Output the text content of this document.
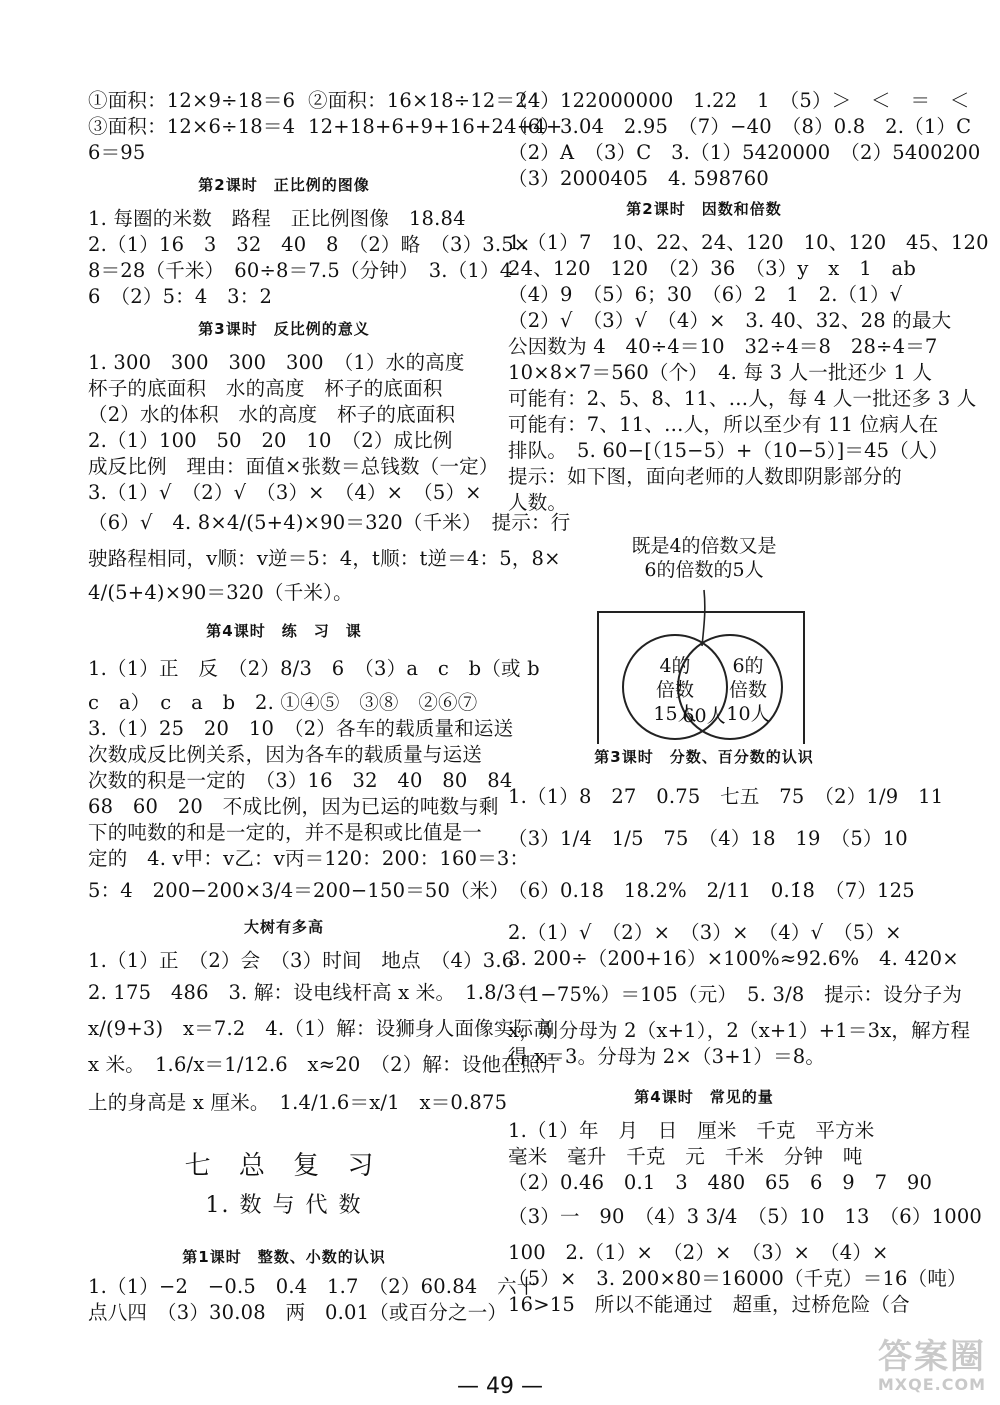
①面积：12×9÷18＝6  ②面积：16×18÷12＝24
③面积：12×6÷18＝4  12+18+6+9+16+24+4+
6＝95
第2课时　正比例的图像
1. 每圈的米数　路程　正比例图像　18.84
2.（1）16　3　32　40　8　（2）略　（3）3.5×
8＝28（千米）　60÷8＝7.5（分钟）　3.（1）4
6　（2）5：4　3：2
第3课时　反比例的意义
1. 300　300　300　300　（1）水的高度
杯子的底面积　水的高度　杯子的底面积
（2）水的体积　水的高度　杯子的底面积
2.（1）100　50　20　10　（2）成比例
成反比例　理由：面值×张数＝总钱数（一定）
3.（1）√　（2）√　（3）×　（4）×　（5）×
（6）√　4. 8×4/(5+4)×90＝320（千米）　提示：行
驶路程相同，v顺：v逆＝5：4，t顺：t逆＝4：5，8×
4/(5+4)×90＝320（千米）。
第4课时　练　习　课
1.（1）正　反　（2）8/3　6　（3）a　c　b（或 b
c　a）　c　a　b　2. ①④⑤　③⑧　②⑥⑦
3.（1）25　20　10　（2）各车的载质量和运送
次数成反比例关系，因为各车的载质量与运送
次数的积是一定的　（3）16　32　40　80　84
68　60　20　不成比例，因为已运的吨数与剩
下的吨数的和是一定的，并不是积或比值是一
定的　4. v甲：v乙：v丙＝120：200：160＝3：
5：4　200−200×3/4＝200−150＝50（米）
大树有多高
1.（1）正　（2）会　（3）时间　地点　（4）3.6
2. 175　486　3. 解：设电线杆高 x 米。　1.8/3＝
x/(9+3)　x＝7.2　4.（1）解：设狮身人面像实际高
x 米。　1.6/x＝1/12.6　x≈20　（2）解：设他在照片
上的身高是 x 厘米。　1.4/1.6＝x/1　x＝0.875
七 总 复 习
1. 数 与 代 数
第1课时　整数、小数的认识
1.（1）−2　−0.5　0.4　1.7　（2）60.84　六十
点八四　（3）30.08　两　0.01（或百分之一）
（4）122000000　1.22　1　（5）＞　＜　＝　＜
（6）3.04　2.95　（7）−40　（8）0.8　2.（1）C
（2）A　（3）C　3.（1）5420000　（2）5400200
（3）2000405　4. 598760
第2课时　因数和倍数
1.（1）7　10、22、24、120　10、120　45、120
24、120　120　（2）36　（3）y　x　1　ab
（4）9　（5）6；30　（6）2　1　2.（1）√
（2）√　（3）√　（4）×　3. 40、32、28 的最大
公因数为 4　40÷4＝10　32÷4＝8　28÷4＝7
10×8×7＝560（个）　4. 每 3 人一批还少 1 人
可能有：2、5、8、11、…人，每 4 人一批还多 3 人
可能有：7、11、…人，所以至少有 11 位病人在
排队。　5. 60−[（15−5）+（10−5）]＝45（人）
提示：如下图，面向老师的人数即阴影部分的
人数。
既是4的倍数又是
6的倍数的5人
4的
倍数
15人
6的
倍数
10人
60人
第3课时　分数、百分数的认识
1.（1）8　27　0.75　七五　75　（2）1/9　11
（3）1/4　1/5　75　（4）18　19　（5）10
（6）0.18　18.2%　2/11　0.1̇8̇　（7）125
2.（1）√　（2）×　（3）×　（4）√　（5）×
3. 200÷（200+16）×100%≈92.6%　4. 420×
（1−75%）＝105（元）　5. 3/8　提示：设分子为
x，则分母为 2（x+1），2（x+1）+1＝3x，解方程
得 x＝3。分母为 2×（3+1）＝8。
第4课时　常见的量
1.（1）年　月　日　厘米　千克　平方米
毫米　毫升　千克　元　千米　分钟　吨
（2）0.46　0.1　3　480　65　6　9　7　90
（3）一　90　（4）3 3/4　（5）10　13　（6）1000
100　2.（1）×　（2）×　（3）×　（4）×
（5）×　3. 200×80＝16000（千克）＝16（吨）
16>15　所以不能通过　超重，过桥危险（合
— 49 —
答案圈
MXQE.COM
